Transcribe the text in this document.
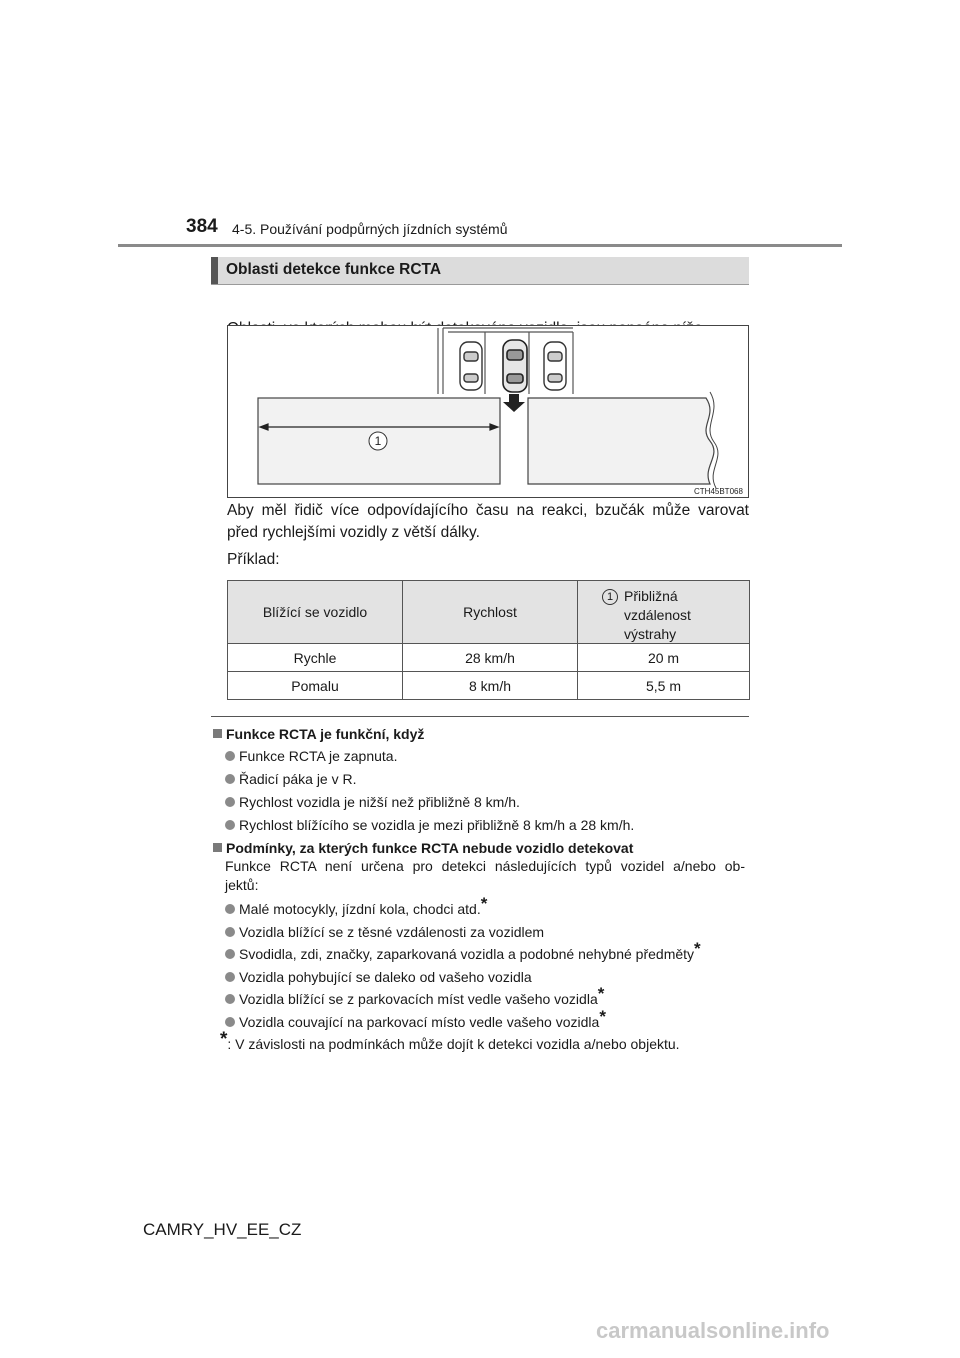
384 4-5. Používání podpůrných jízdních systémů
Oblasti detekce funkce RCTA
1
CTH45BT068
Aby měl řidič více odpovídajícího času na reakci, bzučák může varovat
před rychlejšími vozidly z větší dálky.
Příklad:
Blížící se vozidlo	Rychlost	1 Přibližná
vzdálenost
výstrahy

Rychle	28 km/h	20 m
Pomalu	8 km/h	5,5 m
Funkce RCTA je funkční, když
Funkce RCTA je zapnuta.
Řadicí páka je v R.
Rychlost vozidla je nižší než přibližně 8 km/h.
Rychlost blížícího se vozidla je mezi přibližně 8 km/h a 28 km/h.
Podmínky, za kterých funkce RCTA nebude vozidlo detekovat
Funkce RCTA není určena pro detekci následujících typů vozidel a/nebo ob-
jektů:
Malé motocykly, jízdní kola, chodci atd.*
Vozidla blížící se z těsné vzdálenosti za vozidlem
Svodidla, zdi, značky, zaparkovaná vozidla a podobné nehybné předměty*
Vozidla pohybující se daleko od vašeho vozidla
Vozidla blížící se z parkovacích míst vedle vašeho vozidla*
Vozidla couvající na parkovací místo vedle vašeho vozidla*
*: V závislosti na podmínkách může dojít k detekci vozidla a/nebo objektu.
CAMRY_HV_EE_CZ
carmanualsonline.info
